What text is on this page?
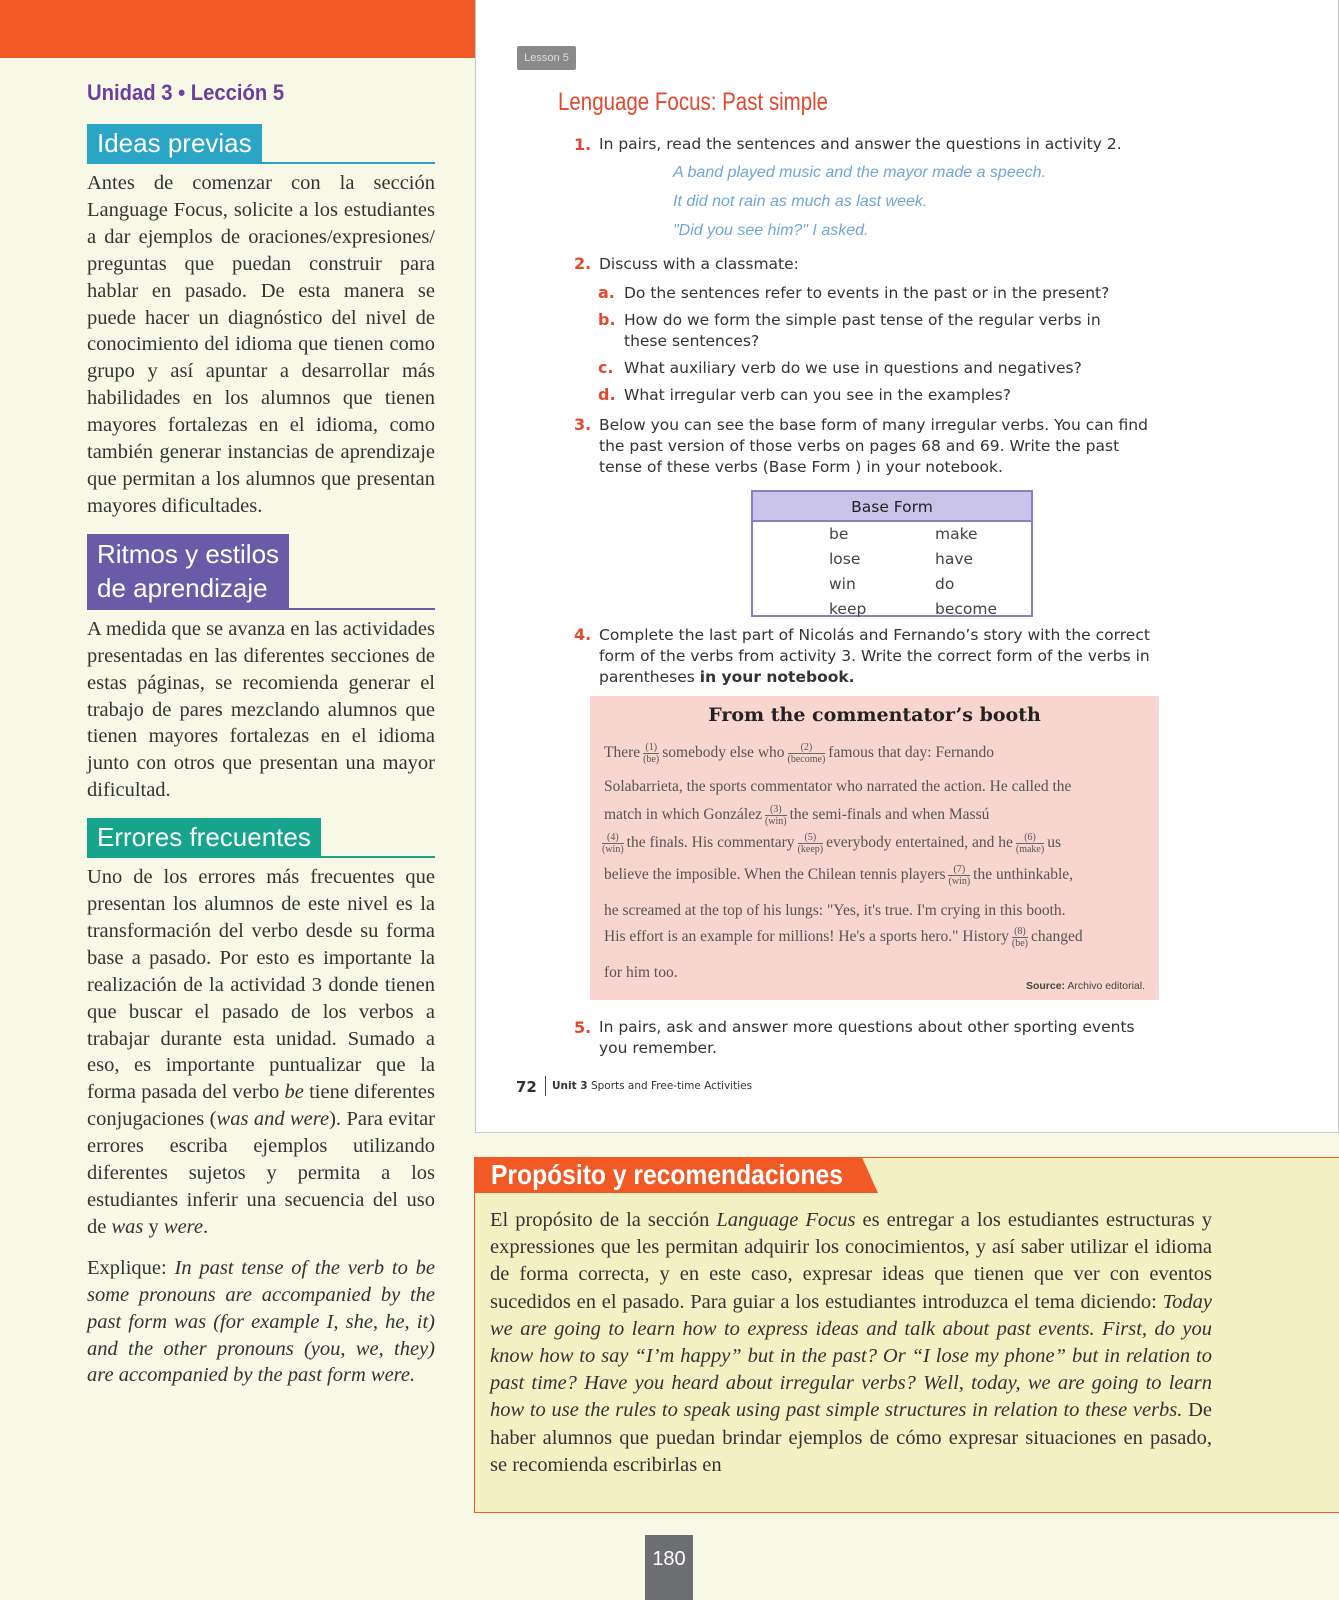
Unidad 3 • Lección 5
Ideas previas

Antes de comenzar con la sección Language Focus, solicite a los estudiantes a dar ejemplos de oraciones/expresiones/ preguntas que puedan construir para hablar en pasado. De esta manera se puede hacer un diagnóstico del nivel de conocimiento del idioma que tienen como grupo y así apuntar a desarrollar más habilidades en los alumnos que tienen mayores fortalezas en el idioma, como también generar instancias de aprendizaje que permitan a los alumnos que presentan mayores dificultades.

Ritmos y estilos
de aprendizaje

A medida que se avanza en las actividades presentadas en las diferentes secciones de estas páginas, se recomienda generar el trabajo de pares mezclando alumnos que tienen mayores fortalezas en el idioma junto con otros que presentan una mayor dificultad.

Errores frecuentes

Uno de los errores más frecuentes que presentan los alumnos de este nivel es la transformación del verbo desde su forma base a pasado. Por esto es importante la realización de la actividad 3 donde tienen que buscar el pasado de los verbos a trabajar durante esta unidad. Sumado a eso, es importante puntualizar que la forma pasada del verbo be tiene diferentes conjugaciones (was and were). Para evitar errores escriba ejemplos utilizando diferentes sujetos y permita a los estudiantes inferir una secuencia del uso de was y were.

Explique: In past tense of the verb to be some pronouns are accompanied by the past form was (for example I, she, he, it) and the other pronouns (you, we, they) are accompanied by the past form were.

Lesson 5
Lenguage Focus: Past simple
1. In pairs, read the sentences and answer the questions in activity 2.
A band played music and the mayor made a speech.
It did not rain as much as last week.
"Did you see him?" I asked.
2. Discuss with a classmate:
a. Do the sentences refer to events in the past or in the present?
b. How do we form the simple past tense of the regular verbs in
these sentences?
c. What auxiliary verb do we use in questions and negatives?
d. What irregular verb can you see in the examples?
3. Below you can see the base form of many irregular verbs. You can find
the past version of those verbs on pages 68 and 69. Write the past
tense of these verbs (Base Form ) in your notebook.
Base Form
be	make
lose	have
win	do
keep	become
4. Complete the last part of Nicolás and Fernando’s story with the correct
form of the verbs from activity 3. Write the correct form of the verbs in
parentheses in your notebook.
From the commentator’s booth
There $\frac{(1)}{(be)}$ somebody else who $\frac{(2)}{\text{(become)}}$ famous that day: Fernando
Solabarrieta, the sports commentator who narrated the action. He called the
match in which González $\frac{(3)}{\text{(win)}}$ the semi-finals and when Massú
$\frac{(4)}{\text{(win)}}$ the finals. His commentary $\frac{(5)}{\text{(keep)}}$ everybody entertained, and he $\frac{(6)}{\text{(make)}}$ us
believe the imposible. When the Chilean tennis players $\frac{(7)}{\text{(win)}}$ the unthinkable,
he screamed at the top of his lungs: "Yes, it's true. I'm crying in this booth.
His effort is an example for millions! He's a sports hero." History $\frac{(8)}{(be)}$ changed
for him too.
Source: Archivo editorial.
5. In pairs, ask and answer more questions about other sporting events
you remember.
72 Unit 3 Sports and Free-time Activities
Propósito y recomendaciones

El propósito de la sección Language Focus es entregar a los estudiantes estructuras y expressiones que les permitan adquirir los conocimientos, y así saber utilizar el idioma de forma correcta, y en este caso, expresar ideas que tienen que ver con eventos sucedidos en el pasado. Para guiar a los estudiantes introduzca el tema diciendo: Today we are going to learn how to express ideas and talk about past events. First, do you know how to say “I’m happy” but in the past? Or “I lose my phone” but in relation to past time? Have you heard about irregular verbs? Well, today, we are going to learn how to use the rules to speak using past simple structures in relation to these verbs. De haber alumnos que puedan brindar ejemplos de cómo expresar situaciones en pasado, se recomienda escribirlas en

180
